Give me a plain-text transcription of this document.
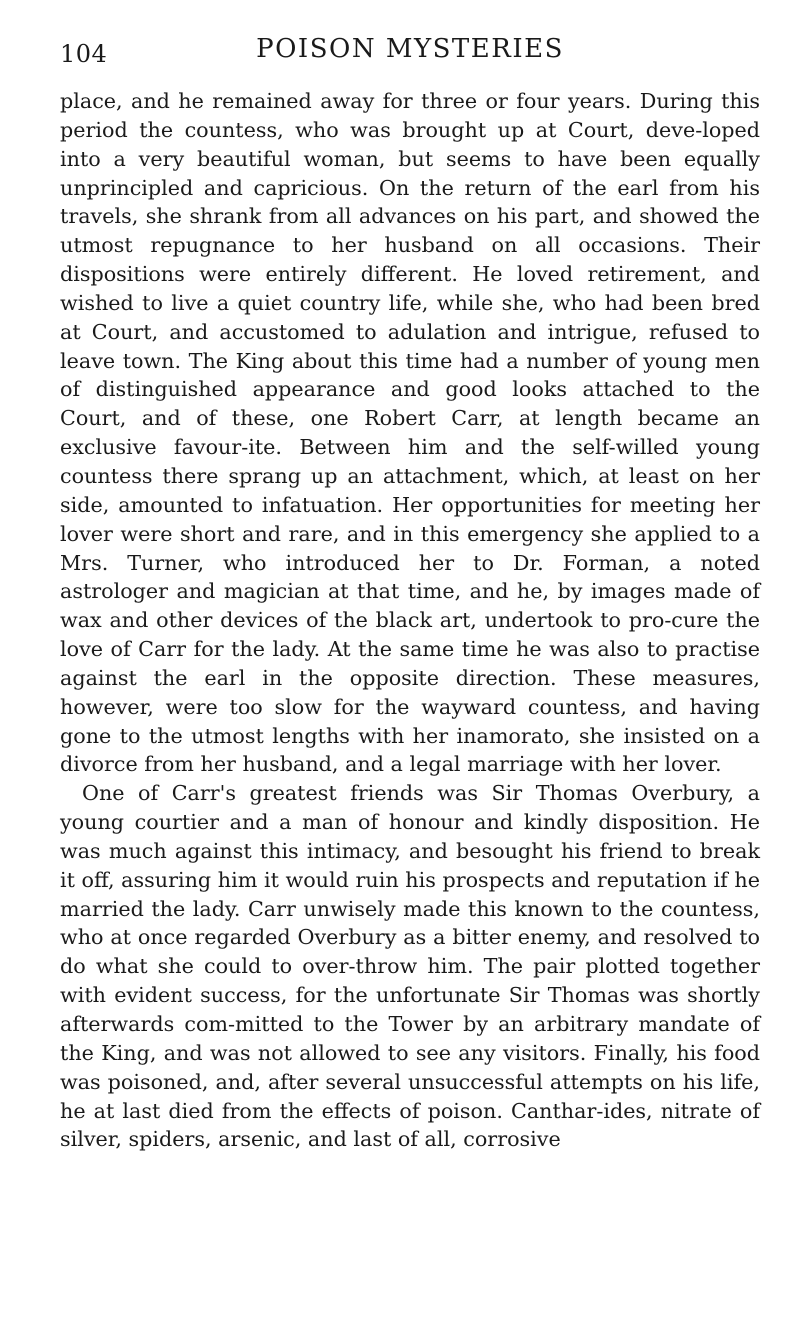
104	POISON MYSTERIES

place, and he remained away for three or four years. During this period the countess, who was brought up at Court, deve-loped into a very beautiful woman, but seems to have been equally unprincipled and capricious. On the return of the earl from his travels, she shrank from all advances on his part, and showed the utmost repugnance to her husband on all occasions. Their dispositions were entirely different. He loved retirement, and wished to live a quiet country life, while she, who had been bred at Court, and accustomed to adulation and intrigue, refused to leave town. The King about this time had a number of young men of distinguished appearance and good looks attached to the Court, and of these, one Robert Carr, at length became an exclusive favour-ite. Between him and the self-willed young countess there sprang up an attachment, which, at least on her side, amounted to infatuation. Her opportunities for meeting her lover were short and rare, and in this emergency she applied to a Mrs. Turner, who introduced her to Dr. Forman, a noted astrologer and magician at that time, and he, by images made of wax and other devices of the black art, undertook to pro-cure the love of Carr for the lady. At the same time he was also to practise against the earl in the opposite direction. These measures, however, were too slow for the wayward countess, and having gone to the utmost lengths with her inamorato, she insisted on a divorce from her husband, and a legal marriage with her lover.

One of Carr's greatest friends was Sir Thomas Overbury, a young courtier and a man of honour and kindly disposition. He was much against this intimacy, and besought his friend to break it off, assuring him it would ruin his prospects and reputation if he married the lady. Carr unwisely made this known to the countess, who at once regarded Overbury as a bitter enemy, and resolved to do what she could to over-throw him. The pair plotted together with evident success, for the unfortunate Sir Thomas was shortly afterwards com-mitted to the Tower by an arbitrary mandate of the King, and was not allowed to see any visitors. Finally, his food was poisoned, and, after several unsuccessful attempts on his life, he at last died from the effects of poison. Canthar-ides, nitrate of silver, spiders, arsenic, and last of all, corrosive
